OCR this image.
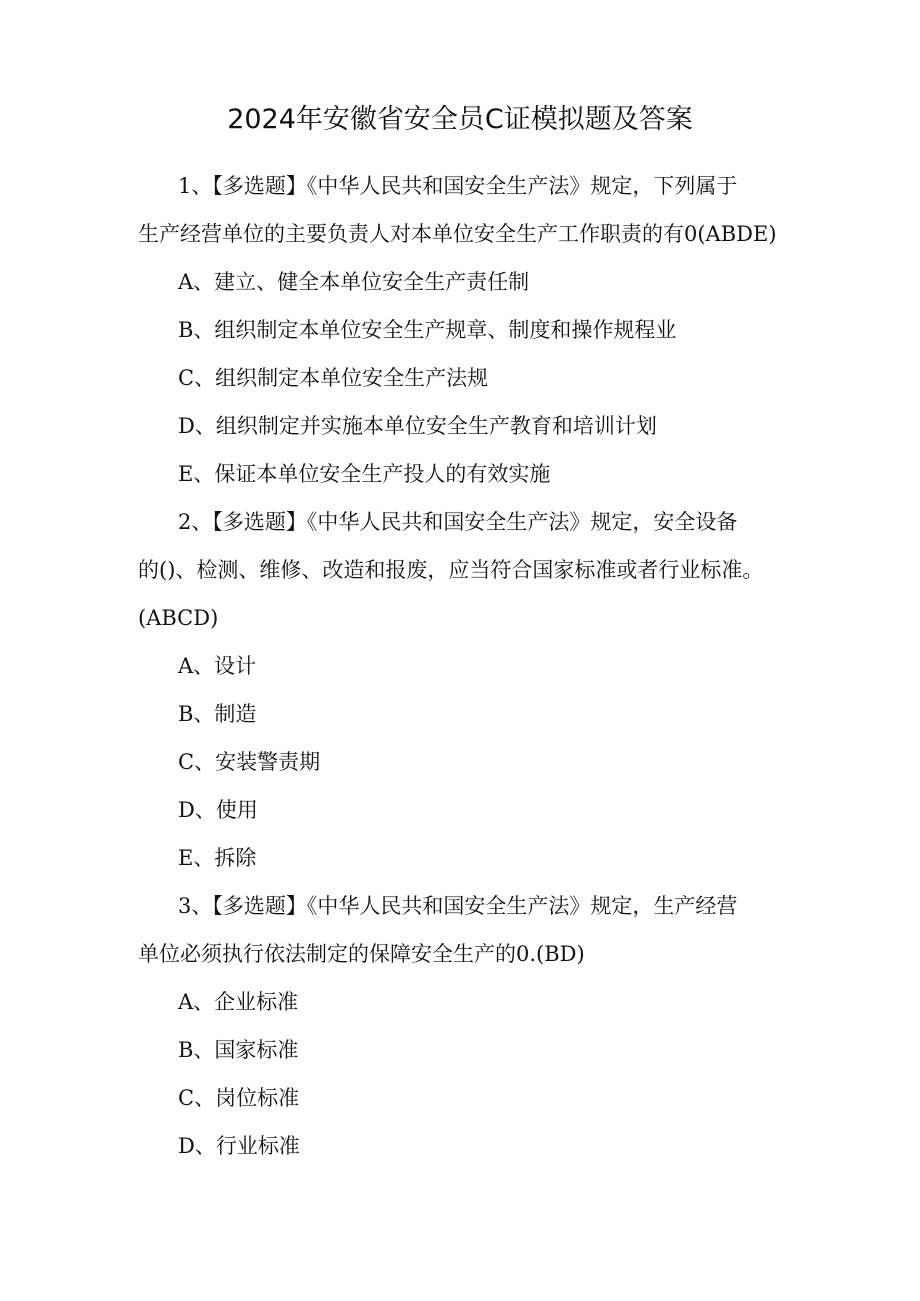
2024年安徽省安全员C证模拟题及答案
1、【多选题】《中华人民共和国安全生产法》规定，下列属于
生产经营单位的主要负责人对本单位安全生产工作职责的有0(ABDE)
A、建立、健全本单位安全生产责任制
B、组织制定本单位安全生产规章、制度和操作规程业
C、组织制定本单位安全生产法规
D、组织制定并实施本单位安全生产教育和培训计划
E、保证本单位安全生产投人的有效实施
2、【多选题】《中华人民共和国安全生产法》规定，安全设备
的()、检测、维修、改造和报废，应当符合国家标准或者行业标准。
(ABCD)
A、设计
B、制造
C、安装警责期
D、使用
E、拆除
3、【多选题】《中华人民共和国安全生产法》规定，生产经营
单位必须执行依法制定的保障安全生产的0.(BD)
A、企业标准
B、国家标准
C、岗位标准
D、行业标准
